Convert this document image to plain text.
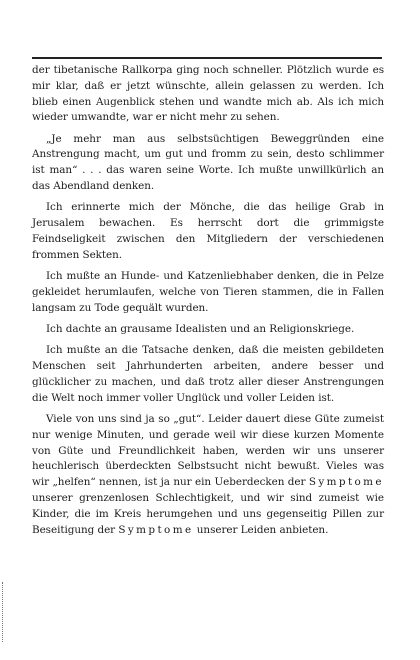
der tibetanische Rallkorpa ging noch schneller. Plötzlich wurde es mir klar, daß er jetzt wünschte, allein gelassen zu werden. Ich blieb einen Augenblick stehen und wandte mich ab. Als ich mich wieder umwandte, war er nicht mehr zu sehen.

„Je mehr man aus selbstsüchtigen Beweggründen eine Anstrengung macht, um gut und fromm zu sein, desto schlimmer ist man“ . . . das waren seine Worte. Ich mußte unwillkürlich an das Abendland denken.

Ich erinnerte mich der Mönche, die das heilige Grab in Jerusalem bewachen. Es herrscht dort die grimmigste Feindseligkeit zwischen den Mitgliedern der verschiedenen frommen Sekten.

Ich mußte an Hunde- und Katzenliebhaber denken, die in Pelze gekleidet herumlaufen, welche von Tieren stammen, die in Fallen langsam zu Tode gequält wurden.

Ich dachte an grausame Idealisten und an Religionskriege.

Ich mußte an die Tatsache denken, daß die meisten gebildeten Menschen seit Jahrhunderten arbeiten, andere besser und glücklicher zu machen, und daß trotz aller dieser Anstrengungen die Welt noch immer voller Unglück und voller Leiden ist.

Viele von uns sind ja so „gut“. Leider dauert diese Güte zumeist nur wenige Minuten, und gerade weil wir diese kurzen Momente von Güte und Freundlichkeit haben, werden wir uns unserer heuchlerisch überdeckten Selbstsucht nicht bewußt. Vieles was wir „helfen“ nennen, ist ja nur ein Ueberdecken der Symptome unserer grenzenlosen Schlechtigkeit, und wir sind zumeist wie Kinder, die im Kreis herumgehen und uns gegenseitig Pillen zur Beseitigung der Symptome unserer Leiden anbieten.
